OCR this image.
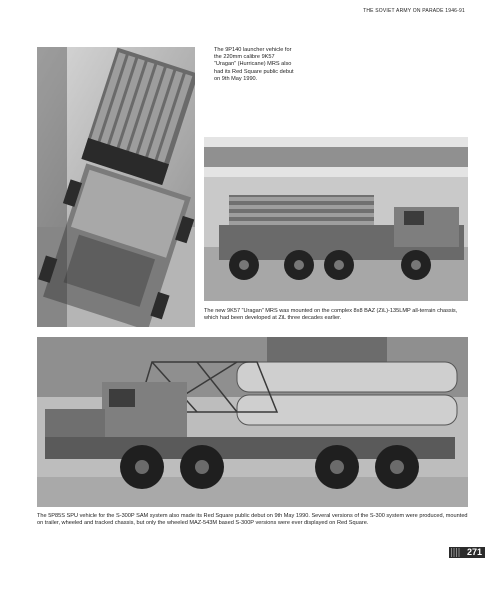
THE SOVIET ARMY ON PARADE 1946-91
The 9P140 launcher vehicle for the 220mm calibre 9K57 “Uragan” (Hurricane) MRS also had its Red Square public debut on 9th May 1990.
The new 9K57 “Uragan” MRS was mounted on the complex 8x8 BAZ (ZiL)-135LMP all-terrain chassis, which had been developed at ZiL three decades earlier.
The 5P85S SPU vehicle for the S-300P SAM system also made its Red Square public debut on 9th May 1990. Several versions of the S-300 system were produced, mounted on trailer, wheeled and tracked chassis, but only the wheeled MAZ-543M based S-300P versions were ever displayed on Red Square.
271
